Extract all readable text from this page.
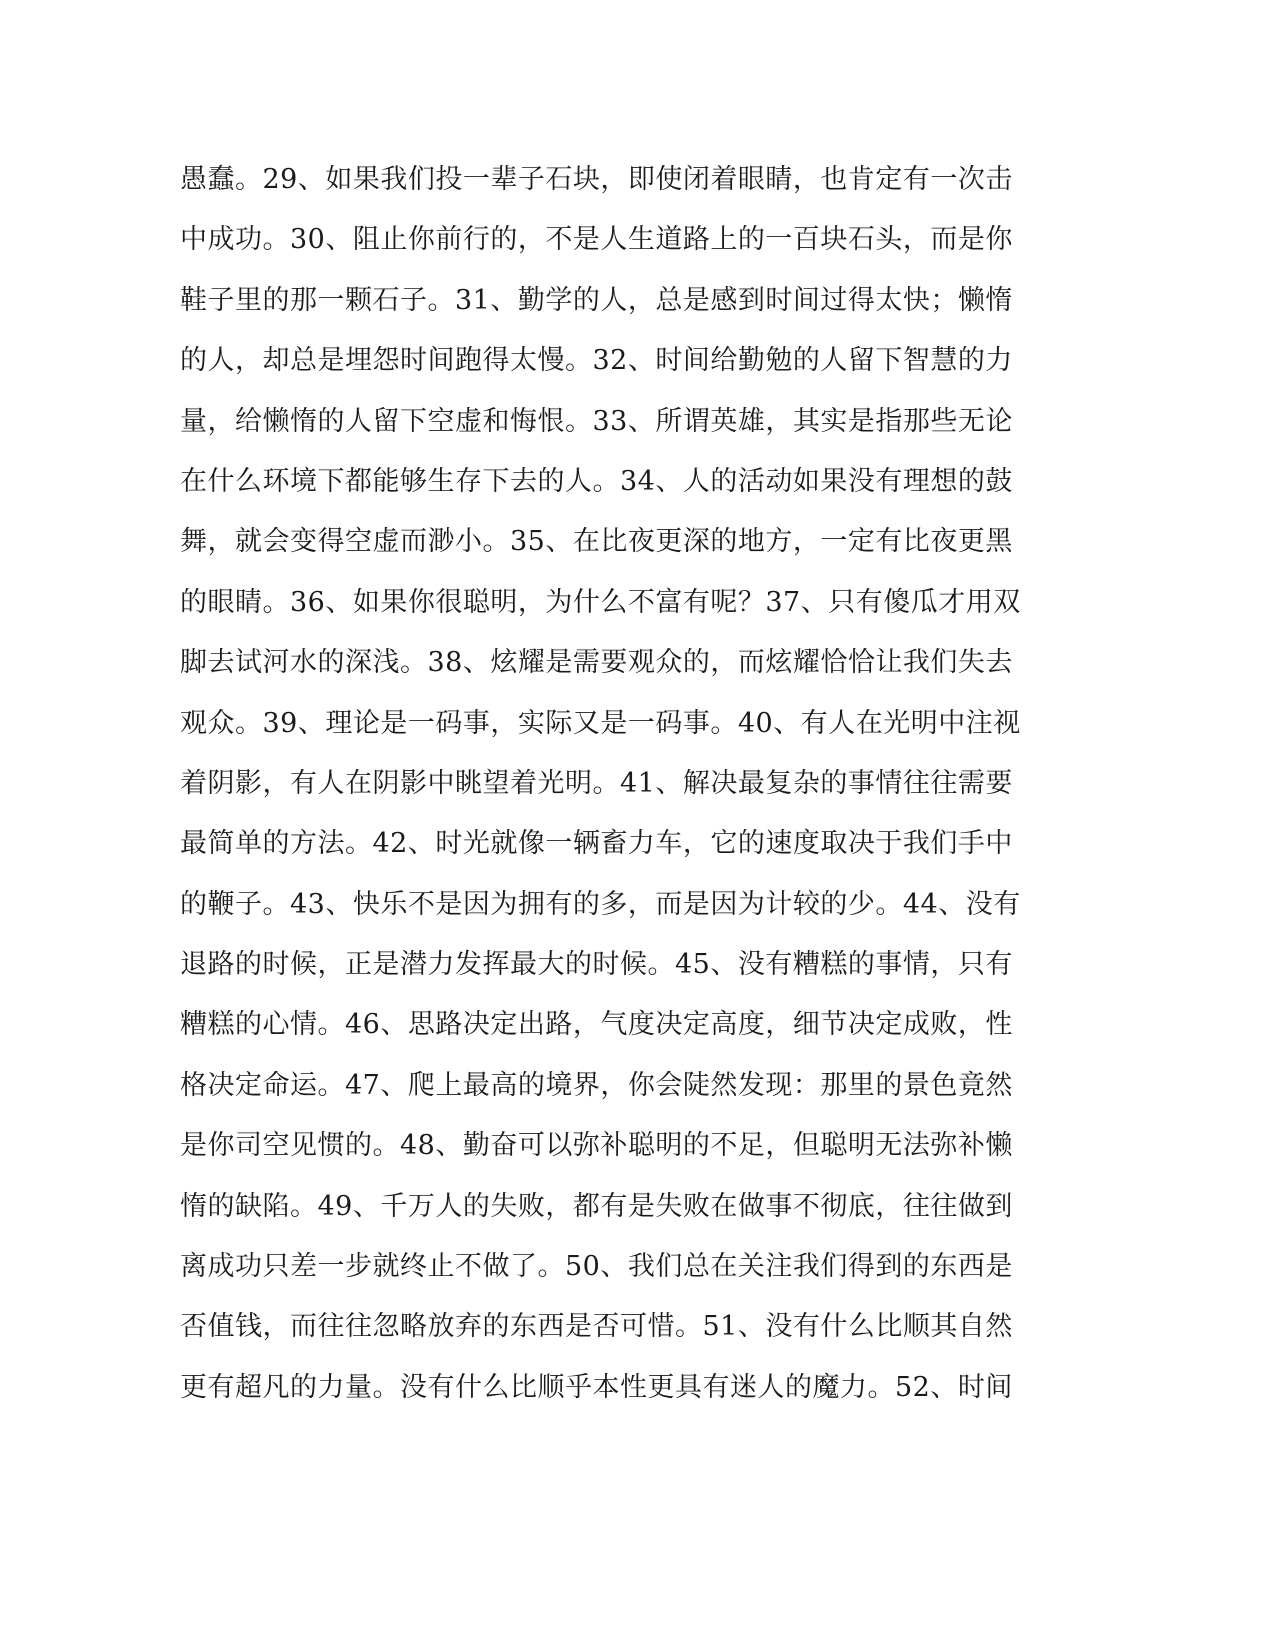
愚蠢。29、如果我们投一辈子石块，即使闭着眼睛，也肯定有一次击
中成功。30、阻止你前行的，不是人生道路上的一百块石头，而是你
鞋子里的那一颗石子。31、勤学的人，总是感到时间过得太快；懒惰
的人，却总是埋怨时间跑得太慢。32、时间给勤勉的人留下智慧的力
量，给懒惰的人留下空虚和悔恨。33、所谓英雄，其实是指那些无论
在什么环境下都能够生存下去的人。34、人的活动如果没有理想的鼓
舞，就会变得空虚而渺小。35、在比夜更深的地方，一定有比夜更黑
的眼睛。36、如果你很聪明，为什么不富有呢？37、只有傻瓜才用双
脚去试河水的深浅。38、炫耀是需要观众的，而炫耀恰恰让我们失去
观众。39、理论是一码事，实际又是一码事。40、有人在光明中注视
着阴影，有人在阴影中眺望着光明。41、解决最复杂的事情往往需要
最简单的方法。42、时光就像一辆畜力车，它的速度取决于我们手中
的鞭子。43、快乐不是因为拥有的多，而是因为计较的少。44、没有
退路的时候，正是潜力发挥最大的时候。45、没有糟糕的事情，只有
糟糕的心情。46、思路决定出路，气度决定高度，细节决定成败，性
格决定命运。47、爬上最高的境界，你会陡然发现：那里的景色竟然
是你司空见惯的。48、勤奋可以弥补聪明的不足，但聪明无法弥补懒
惰的缺陷。49、千万人的失败，都有是失败在做事不彻底，往往做到
离成功只差一步就终止不做了。50、我们总在关注我们得到的东西是
否值钱，而往往忽略放弃的东西是否可惜。51、没有什么比顺其自然
更有超凡的力量。没有什么比顺乎本性更具有迷人的魔力。52、时间
